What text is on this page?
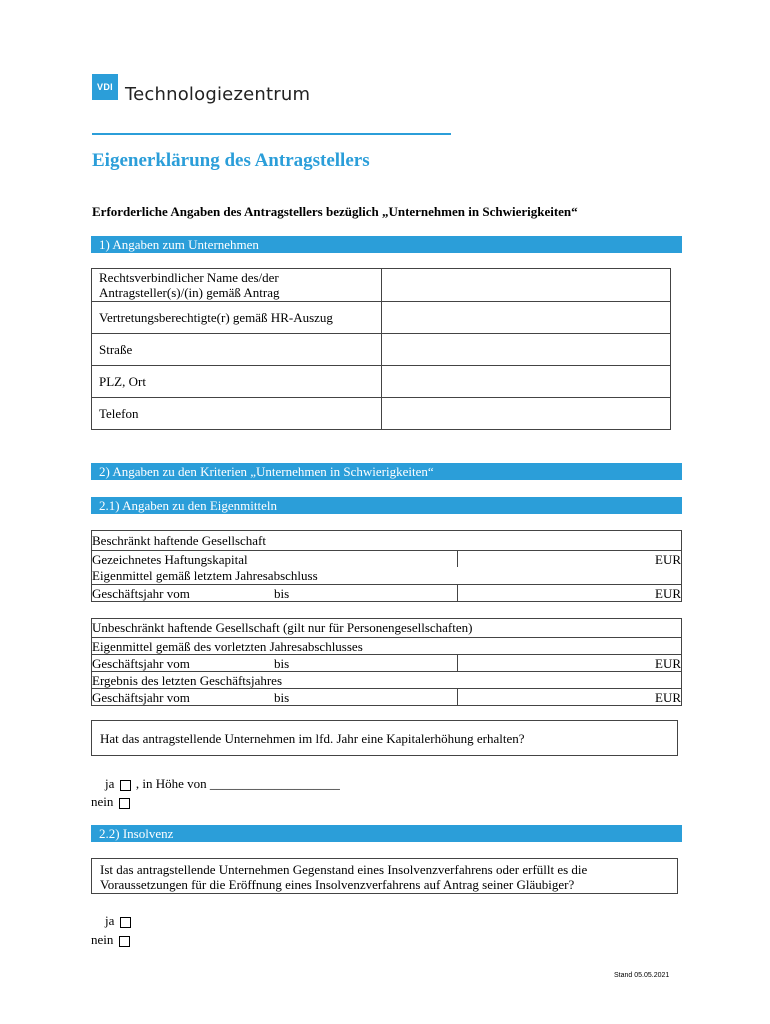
VDI Technologiezentrum
Eigenerklärung des Antragstellers
Erforderliche Angaben des Antragstellers bezüglich „Unternehmen in Schwierigkeiten“
1) Angaben zum Unternehmen
Rechtsverbindlicher Name des/der
Antragsteller(s)/(in) gemäß Antrag	
Vertretungsberechtigte(r) gemäß HR-Auszug	
Straße	
PLZ, Ort	
Telefon	
2) Angaben zu den Kriterien „Unternehmen in Schwierigkeiten“
2.1) Angaben zu den Eigenmitteln
Beschränkt haftende Gesellschaft
Gezeichnetes Haftungskapital	EUR
Eigenmittel gemäß letztem Jahresabschluss
Geschäftsjahr vom	bis	EUR
Unbeschränkt haftende Gesellschaft (gilt nur für Personengesellschaften)
Eigenmittel gemäß des vorletzten Jahresabschlusses
Geschäftsjahr vom	bis	EUR
Ergebnis des letzten Geschäftsjahres
Geschäftsjahr vom	bis	EUR
Hat das antragstellende Unternehmen im lfd. Jahr eine Kapitalerhöhung erhalten?
ja , in Höhe von ____________________
nein
2.2) Insolvenz
Ist das antragstellende Unternehmen Gegenstand eines Insolvenzverfahrens oder erfüllt es die
Voraussetzungen für die Eröffnung eines Insolvenzverfahrens auf Antrag seiner Gläubiger?
ja
nein
Stand 05.05.2021
